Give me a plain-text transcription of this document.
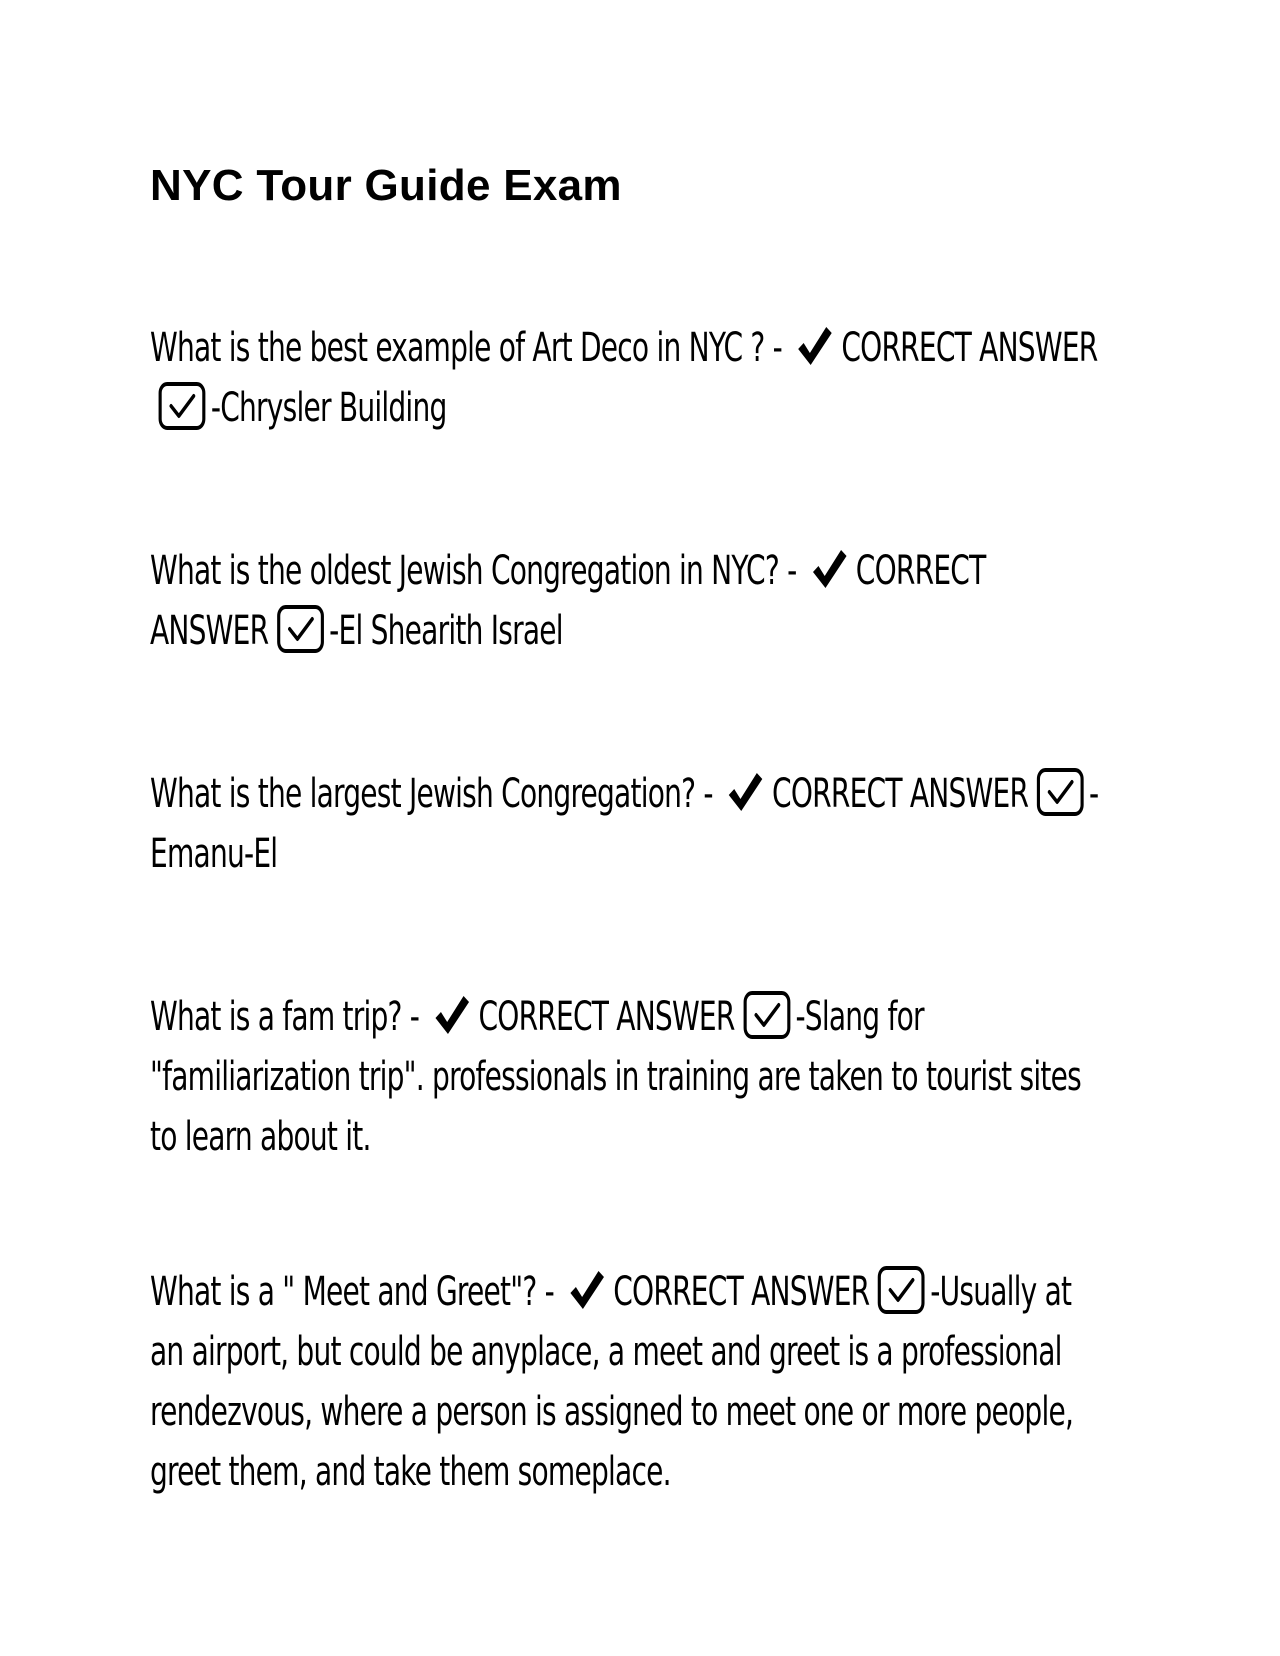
NYC Tour Guide Exam

What is the best example of Art Deco in NYC ? - CORRECT ANSWER
-Chrysler Building

What is the oldest Jewish Congregation in NYC? - CORRECT ANSWER -El Shearith Israel

What is the largest Jewish Congregation? - CORRECT ANSWER -Emanu-El

What is a fam trip? - CORRECT ANSWER -Slang for "familiarization trip". professionals in training are taken to tourist sites to learn about it.

What is a " Meet and Greet"? - CORRECT ANSWER -Usually at an airport, but could be anyplace, a meet and greet is a professional rendezvous, where a person is assigned to meet one or more people, greet them, and take them someplace.
